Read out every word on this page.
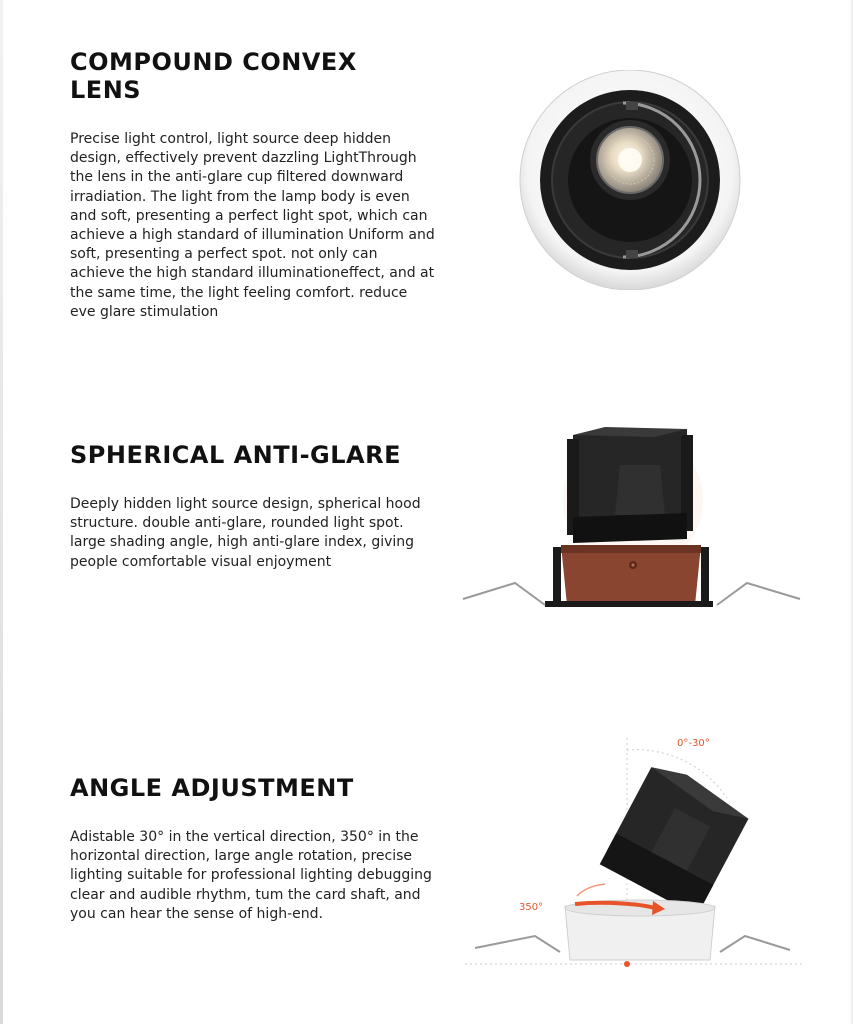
COMPOUND CONVEX LENS

Precise light control, light source deep hidden design, effectively prevent dazzling LightThrough the lens in the anti-glare cup filtered downward irradiation. The light from the lamp body is even and soft, presenting a perfect light spot, which can achieve a high standard of illumination Uniform and soft, presenting a perfect spot. not only can achieve the high standard illuminationeffect, and at the same time, the light feeling comfort. reduce eve glare stimulation

SPHERICAL ANTI-GLARE

Deeply hidden light source design, spherical hood structure. double anti-glare, rounded light spot. large shading angle, high anti-glare index, giving people comfortable visual enjoyment

ANGLE ADJUSTMENT

Adistable 30° in the vertical direction, 350° in the horizontal direction, large angle rotation, precise lighting suitable for professional lighting debugging clear and audible rhythm, tum the card shaft, and you can hear the sense of high-end.

0°-30°
350°
